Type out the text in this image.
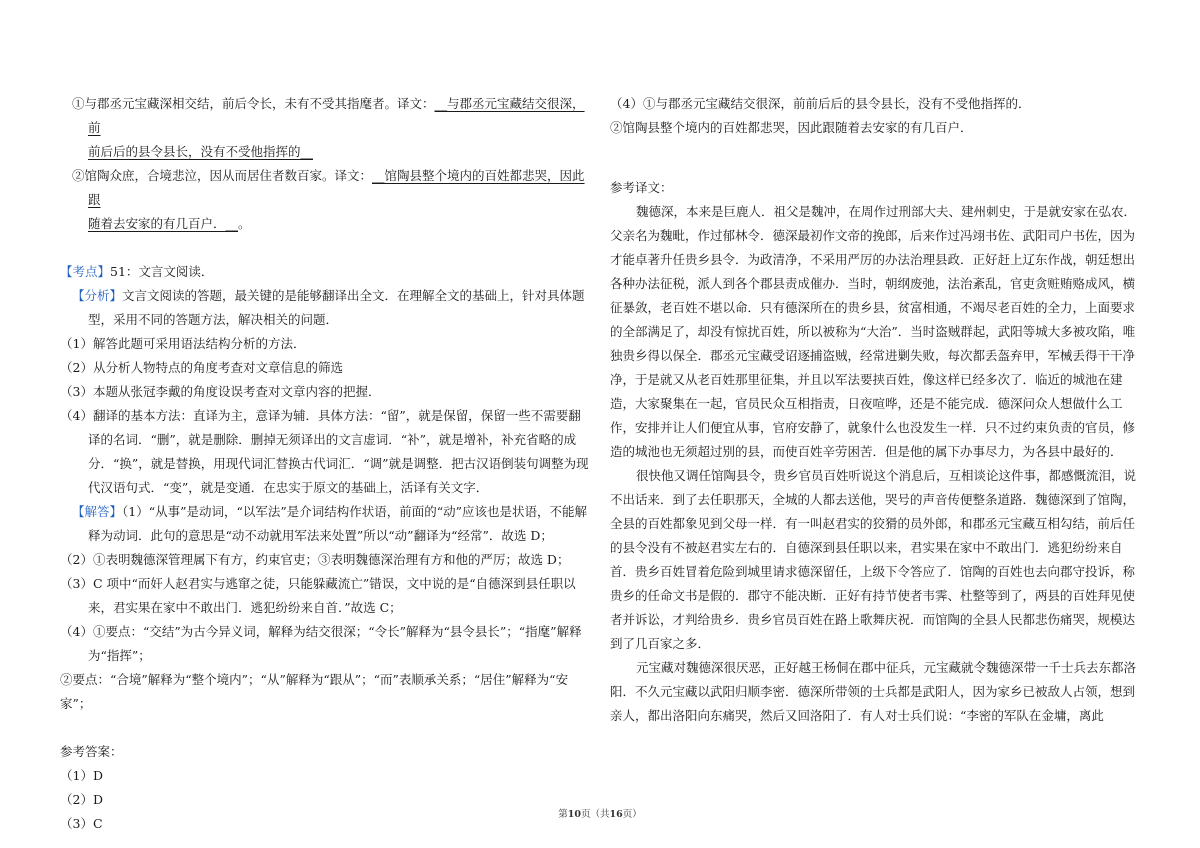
①与郡丞元宝藏深相交结，前后令长，未有不受其指麾者。译文：__与郡丞元宝藏结交很深，前
前后后的县令县长，没有不受他指挥的__

②馆陶众庶，合境悲泣，因从而居住者数百家。译文：__馆陶县整个境内的百姓都悲哭，因此跟
随着去安家的有几百户．__。

【考点】51：文言文阅读．

【分析】文言文阅读的答题，最关键的是能够翻译出全文．在理解全文的基础上，针对具体题型，采用不同的答题方法，解决相关的问题．

（1）解答此题可采用语法结构分析的方法．

（2）从分析人物特点的角度考查对文章信息的筛选

（3）本题从张冠李戴的角度设误考查对文章内容的把握．

（4）翻译的基本方法：直译为主，意译为辅．具体方法：“留”，就是保留，保留一些不需要翻译的名词．“删”，就是删除．删掉无须译出的文言虚词．“补”，就是增补，补充省略的成分．“换”，就是替换，用现代词汇替换古代词汇．“调”就是调整．把古汉语倒装句调整为现代汉语句式．“变”，就是变通．在忠实于原文的基础上，活译有关文字．

【解答】（1）“从事”是动词，“以军法”是介词结构作状语，前面的“动”应该也是状语，不能解释为动词．此句的意思是“动不动就用军法来处置”所以“动”翻译为“经常”．故选 D；

（2）①表明魏德深管理属下有方，约束官吏；③表明魏德深治理有方和他的严厉；故选 D；

（3）C 项中“而奸人赵君实与逃窜之徒，只能躲藏流亡”错误，文中说的是“自德深到县任职以来，君实果在家中不敢出门．逃犯纷纷来自首．”故选 C；

（4）①要点：“交结”为古今异义词，解释为结交很深；“令长”解释为“县令县长”；“指麾”解释为“指挥”；

②要点：“合境”解释为“整个境内”；“从”解释为“跟从”；“而”表顺承关系；“居住”解释为“安家”；

参考答案：

（1）D

（2）D

（3）C

（4）①与郡丞元宝藏结交很深，前前后后的县令县长，没有不受他指挥的．

②馆陶县整个境内的百姓都悲哭，因此跟随着去安家的有几百户．

参考译文：

魏德深，本来是巨鹿人．祖父是魏冲，在周作过刑部大夫、建州刺史，于是就安家在弘农．父亲名为魏毗，作过郁林令．德深最初作文帝的挽郎，后来作过冯翊书佐、武阳司户书佐，因为才能卓著升任贵乡县令．为政清净，不采用严厉的办法治理县政．正好赶上辽东作战，朝廷想出各种办法征税，派人到各个郡县责成催办．当时，朝纲废弛，法治紊乱，官吏贪赃贿赂成风，横征暴敛，老百姓不堪以命．只有德深所在的贵乡县，贫富相通，不竭尽老百姓的全力，上面要求的全部满足了，却没有惊扰百姓，所以被称为“大治”．当时盗贼群起，武阳等城大多被攻陷，唯独贵乡得以保全．郡丞元宝藏受诏逐捕盗贼，经常进剿失败，每次都丢盔弃甲，军械丢得干干净净，于是就又从老百姓那里征集，并且以军法要挟百姓，像这样已经多次了．临近的城池在建造，大家聚集在一起，官员民众互相指责，日夜喧哗，还是不能完成．德深问众人想做什么工作，安排并让人们便宜从事，官府安静了，就象什么也没发生一样．只不过约束负责的官员，修造的城池也无须超过别的县，而使百姓辛劳困苦．但是他的属下办事尽力，为各县中最好的．

很快他又调任馆陶县令，贵乡官员百姓听说这个消息后，互相谈论这件事，都感慨流泪，说不出话来．到了去任职那天，全城的人都去送他，哭号的声音传便整条道路．魏德深到了馆陶，全县的百姓都象见到父母一样．有一叫赵君实的狡猾的员外郎，和郡丞元宝藏互相勾结，前后任的县令没有不被赵君实左右的．自德深到县任职以来，君实果在家中不敢出门．逃犯纷纷来自首．贵乡百姓冒着危险到城里请求德深留任，上级下令答应了．馆陶的百姓也去向郡守投诉，称贵乡的任命文书是假的．郡守不能决断．正好有持节使者韦霁、杜整等到了，两县的百姓拜见使者并诉讼，才判给贵乡．贵乡官员百姓在路上歌舞庆祝．而馆陶的全县人民都悲伤痛哭，规模达到了几百家之多．

元宝藏对魏德深很厌恶，正好越王杨侗在郡中征兵，元宝藏就令魏德深带一千士兵去东都洛阳．不久元宝藏以武阳归顺李密．德深所带领的士兵都是武阳人，因为家乡已被敌人占领，想到亲人，都出洛阳向东痛哭，然后又回洛阳了．有人对士兵们说：“李密的军队在金墉，离此

第10页（共16页）
